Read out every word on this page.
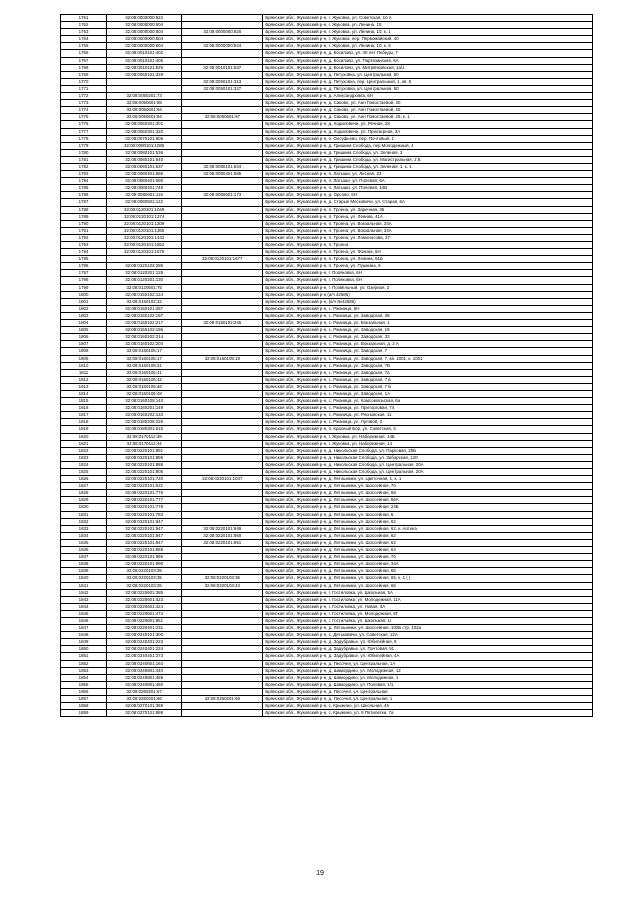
1761	32:08:0000000:622		Брянская обл., Жуковский р-н, г. Жуковка, ул. Советская, 10 А
1762	32:08:0000000:604		Брянская обл., Жуковский р-н, г. Жуковка, ул. Ленина, 15
1763	32:08:0000000:604	32:08:0000000:820	Брянская обл., Жуковский р-н, г. Жуковка, ул. Ленина, 10, к. 1
1764	32:08:0000000:604		Брянская обл., Жуковский р-н, г. Жуковка, пер. Первомайский, 40
1765	32:08:0000000:604	32:08:0000000:844	Брянская обл., Жуковский р-н, г. Жуковка, ул. Ленина, 10, к. 8
1766	32:08:0010101:402		Брянская обл., Жуковский р-н, д. Косилово, ул. 40 лет Победы, 7
1767	32:08:0010101:405		Брянская обл., Жуковский р-н, д. Косилово, ул. Партизанская, 6А
1768	32:08:0010101:526	32:08:0010101:637	Брянская обл., Жуковский р-н, д. Косилово, ул. Митрянковская, 1а/1
1769	32:08:0050101:329		Брянская обл., Жуковский р-н, д. Петуховка, ул. Центральная, 50
1770		32:08:0050101:313	Брянская обл., Жуковский р-н, д. Петуховка, пер. Центральный, 1, кв. 5
1771		32:08:0050101:327	Брянская обл., Жуковский р-н, д. Петуховка, ул. Центральная, 50
1772	32:08:0050201:73		Брянская обл., Жуковский р-н, д. Александровка, 6Н
1773	32:08:0050601:85		Брянская обл., Жуковский р-н, д. Саково, ул. Анн Гомостаевой, 30
1774	32:08:0050601:94		Брянская обл., Жуковский р-н, д. Саково, ул. Анн Гомостаевой, 25
1775	32:08:0050601:94	32:08:0050601:97	Брянская обл., Жуковский р-н, д. Саково, ул. Анн Гомостаевой, 25, к. 1
1776	32:08:0050301:301		Брянская обл., Жуковский р-н, д. Ходилевичи, ул. Речная, 28
1777	32:08:0050301:320		Брянская обл., Жуковский р-н, д. Ходилевичи, ул. Приозерная, 3А
1778	32:08:0070101:605		Брянская обл., Жуковский р-н, п. Олсуфьево, пер. Почтовый, 1
1779	32:08:0080101:1085		Брянская обл., Жуковский р-н, д. Гришина Слобода, пер Молодежный, 4
1780	32:08:0080101:536		Брянская обл., Жуковский р-н, д. Гришина Слобода, ул. Зеленая, 3
1781	32:08:0080101:640		Брянская обл., Жуковский р-н, д. Гришина Слобода, ул. Магистральная, 2 Б
1782	32:08:0080101:637	32:08:0080101:634	Брянская обл., Жуковский р-н, д. Гришина Слобода, ул. Зеленая, 1, к. 1
1783	32:08:0080401:586	32:08:0080401:585	Брянская обл., Жуковский р-н, п. Латыши, ул. Лесная, 23
1784	32:08:0080401:590		Брянская обл., Жуковский р-н, п. Латыши, ул. Полевая, 6А
1785	32:08:0080401:745		Брянская обл., Жуковский р-н, п. Латыши, ул. Полевая, 14Б
1786	32:08:0080601:116	32:08:0080601:173	Брянская обл., Жуковский р-н, д. Орсово, 6Н
1787	32:08:0080501:122		Брянская обл., Жуковский р-н, д. Старые Месковичи, ул. Старая, 6А
1788	32:08:0120101:1049		Брянская обл., Жуковский р-н, п. Троена, ул. Заречная, 36
1789	32:08:0120101:1374		Брянская обл., Жуковский р-н, п. Троена, ул. Ленина, 41А
1790	32:08:0120101:1309		Брянская обл., Жуковский р-н, п. Троена, ул. Вокзальная, 34А
1791	32:08:0120101:1360		Брянская обл., Жуковский р-н, п. Троена, ул. Вокзальная, 34А
1792	32:08:0120101:1442		Брянская обл., Жуковский р-н, п. Троена, ул. Ломоносова, 37
1793	32:08:0120101:1552		Брянская обл., Жуковский р-н, п. Троена
1794	32:08:0120101:1676		Брянская обл., Жуковский р-н, п. Троена, ул. Фокина, 6Н
1795		32:08:0120101:1677	Брянская обл., Жуковский р-н, п. Троена, ул. Ленина, 61Б
1796	32:08:0120102:286		Брянская обл., Жуковский р-н, п. Троена, ул. Пушкина, 6
1797	32:08:0120201:128		Брянская обл., Жуковский р-н, г. Поляковка, 6Н
1798	32:08:0120201:130		Брянская обл., Жуковский р-н, г. Поляковка, 6Н
1799	32:08:0120501:75		Брянская обл., Жуковский р-н, г. Позвёльный, ул. Озерная, 2
1800	32:08:0150102:124		Брянская обл., Жуковский р-н (а/ч 42585)
1801	32:08:0150102:32		Брянская обл., Жуковский р-н, (а/ч №42585)
1802	32:08:0160101:257		Брянская обл., Жуковский р-н, с. Ржаница, 6Н
1803	32:08:0160102:197		Брянская обл., Жуковский р-н, с. Ржаница, ул. Заводская, 38
1804	32:08:0160102:217	32:08:0160102:246	Брянская обл., Жуковский р-н, с. Ржаница, ул. Вокзальная, 1
1805	32:08:0160102:196		Брянская обл., Жуковский р-н, с. Ржаница, ул. Заводская, 18
1806	32:08:0160102:214		Брянская обл., Жуковский р-н, с. Ржаница, ул. Заводская, 32
1807	32:08:0160102:204		Брянская обл., Жуковский р-н, с. Ржаница, ул. Вокзальная, д. 2 А
1808	32:08:0160105:17		Брянская обл., Жуковский р-н, с. Ржаница, ул. Заводская, 7
1809	32:08:0160105:17	32:08:0160105:19	Брянская обл., Жуковский р-н, с. Ржаница, ул. Заводская, 7, кв. 1001, к. 1001
1810	32:08:0160105:31		Брянская обл., Жуковский р-н, с. Ржаница, ул. Заводская, 7В
1811	32:08:0160105:41		Брянская обл., Жуковский р-н, с. Ржаница, ул. Заводская, 7а
1812	32:08:0160105:42		Брянская обл., Жуковский р-н, с. Ржаница, ул. Заводская, 7 в
1813	32:08:0160105:46		Брянская обл., Жуковский р-н, с. Ржаница, ул. Заводская, 7 Б
1814	32:08:0160105:48		Брянская обл., Жуковский р-н, с. Ржаница, ул. Заводская, 1А
1815	32:08:0160109:140		Брянская обл., Жуковский р-н, с. Ржаница, ул. Комсомольская, 6а
1816	32:08:0160201:149		Брянская обл., Жуковский р-н, с. Ржаница, ул. Приторговая, 74
1817	32:08:0160202:133		Брянская обл., Жуковский р-н, с. Ржаница, ул. Рясновская, 11
1818	32:08:0180208:225		Брянская обл., Жуковский р-н, с. Ржаница, ул. Луговой, 2
1819	32:08:0180301:510		Брянская обл., Жуковский р-н, п. Красный Бор, ул. Советская, 3
1820	32:08:0170112:38		Брянская обл., Жуковский р-н, г. Жуковка, ул. Набережная, 14Б
1821	32:08:0170112:44		Брянская обл., Жуковский р-н, г. Жуковка, ул. Набережная, 14
1822	32:08:0220101:891		Брянская обл., Жуковский р-н, д. Никольская Слобода, ул. Парковая, 25Б
1823	32:08:0220101:895		Брянская обл., Жуковский р-н, д. Никольская Слобода, ул. Заборская, 120
1824	32:08:0220101:888		Брянская обл., Жуковский р-н, д. Никольская Слобода, ул. Центральная, 20А
1825	32:08:0220101:905		Брянская обл., Жуковский р-н, д. Никольская Слобода, ул. Центральная, 20А
1826	32:08:0220101:720	32:08:0220101:1047	Брянская обл., Жуковский р-н, д. Летошники, ул. Цветочная, 1, к. 1
1827	32:08:0220101:531		Брянская обл., Жуковский р-н, д. Летошники, ул. Шоссейная, 70
1828	32:08:0220101:776		Брянская обл., Жуковский р-н, д. Летошники, ул. Шоссейная, 58
1829	32:08:0220101:777		Брянская обл., Жуковский р-н, д. Летошники, ул. Шоссейная, 56А
1830	32:08:0220101:778		Брянская обл., Жуковский р-н, д. Летошники, ул. Шоссейная, 24Б
1831	32:08:0220101:783		Брянская обл., Жуковский р-н, д. Летошники, ул. Шоссейная, 6
1832	32:08:0220101:947		Брянская обл., Жуковский р-н, д. Летошники, ул. Шоссейная, 62
1833	32:08:0220101:947	32:08:0220101:949	Брянская обл., Жуковский р-н, д. Летошники, ул. Шоссейная, 62, к. Аптека
1834	32:08:0220101:947	32:08:0220101:950	Брянская обл., Жуковский р-н, д. Летошники, ул. Шоссейная, 62
1835	32:08:0220101:947	32:08:0220101:951	Брянская обл., Жуковский р-н, д. Летошники, ул. Шоссейная, 62
1836	32:08:0220101:958		Брянская обл., Жуковский р-н, д. Летошники, ул. Шоссейная, 64
1837	32:08:0220101:966		Брянская обл., Жуковский р-н, д. Летошники, ул. Шоссейная, 70
1838	32:08:0220101:990		Брянская обл., Жуковский р-н, д. Летошники, ул. Шоссейная, 34А
1839	32:08:0220103:35		Брянская обл., Жуковский р-н, д. Летошники, ул. Шоссейная, 65
1840	32:08:0220103:35	32:08:0220103:36	Брянская обл., Жуковский р-н, д. Летошники, ул. Шоссейная, 65, к. 1 ( )
1841	32:08:0220103:35	32:08:0220103:43	Брянская обл., Жуковский р-н, д. Летошники, ул. Шоссейная, 65
1842	32:08:0220601:385		Брянская обл., Жуковский р-н, г. Гостиловка, ул. Школьная, 5А
1843	32:08:0220601:423		Брянская обл., Жуковский р-н, г. Гостиловка, ул. Молодежная, 11А
1844	32:08:0220601:424		Брянская обл., Жуковский р-н, г. Гостиловка, ул. Новая, 3А
1845	32:08:0220601:474		Брянская обл., Жуковский р-н, г. Гостиловка, ул. Молодежная, 8Г
1846	32:08:0220601:851		Брянская обл., Жуковский р-н, г. Гостиловка, ул. Школьная, 1г
1847	32:08:0220401:231		Брянская обл., Жуковский р-н, д. Летошники, ул. Шоссейная, 102Б стр. 102а
1848	32:08:0240101:300		Брянская обл., Жуковский р-н, с. Дятьковичи, ул. Советская, 12А
1849	32:08:0240401:223		Брянская обл., Жуковский р-н, д. Задубравье, ул. Юбилейная, 9
1850	32:08:0240401:224		Брянская обл., Жуковский р-н, д. Задубравье, ул. Почтовая, 51
1851	32:08:0240401:373		Брянская обл., Жуковский р-н, д. Задубравье, ул. Юбилейная, 4А
1852	32:08:0240601:164		Брянская обл., Жуковский р-н, д. Песочня, ул. Центральная, 1А
1853	32:08:0240801:440		Брянская обл., Жуковский р-н, д. Шамордино, ул. Молодежная, 12
1854	32:08:0240801:459		Брянская обл., Жуковский р-н, д. Шамордино, ул. Молодежная, 1
1855	32:08:0240801:460		Брянская обл., Жуковский р-н, д. Шамордино, ул. Полевая, 1/1
1856	32:08:0260201:67		Брянская обл., Жуковский р-н, д. Песочня, ул. Центральная
1857	32:08:0260201:66	32:08:0260201:68	Брянская обл., Жуковский р-н, д. Песочня, ул. Центральная, 1
1858	32:08:0270101:369		Брянская обл., Жуковский р-н, с. Крыжино, ул. Школьная, 46
1859	32:08:0270101:888		Брянская обл., Жуковский р-н, с. Крыжино, ул. 9 Пятилетки, 7а
19
